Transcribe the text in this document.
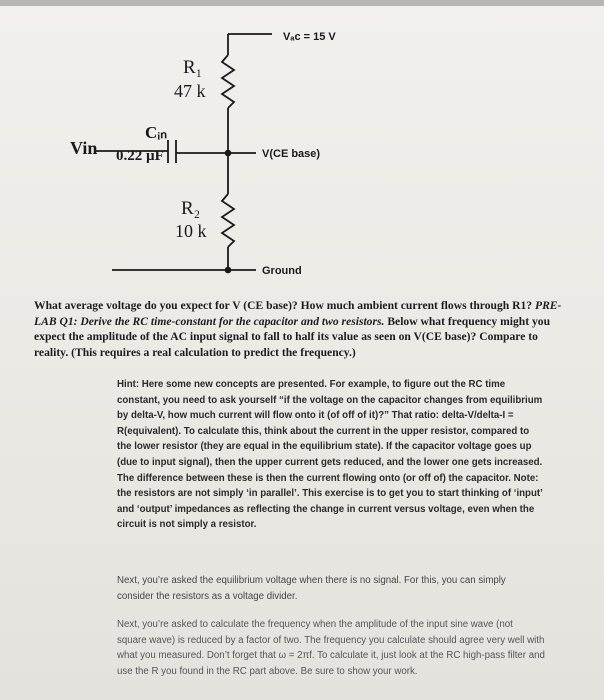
Vₐc = 15 V
R₁
47 k
Cᵢₙ
Vin 0.22 µF	V(CE base)
R₂
10 k
Ground

What average voltage do you expect for V (CE base)? How much ambient current flows through R1? PRE-LAB Q1: Derive the RC time-constant for the capacitor and two resistors. Below what frequency might you expect the amplitude of the AC input signal to fall to half its value as seen on V(CE base)? Compare to reality. (This requires a real calculation to predict the frequency.)

Hint: Here some new concepts are presented. For example, to figure out the RC time constant, you need to ask yourself “if the voltage on the capacitor changes from equilibrium by delta-V, how much current will flow onto it (of off of it)?” That ratio: delta-V/delta-I = R(equivalent). To calculate this, think about the current in the upper resistor, compared to the lower resistor (they are equal in the equilibrium state). If the capacitor voltage goes up (due to input signal), then the upper current gets reduced, and the lower one gets increased. The difference between these is then the current flowing onto (or off of) the capacitor. Note: the resistors are not simply ‘in parallel’. This exercise is to get you to start thinking of ‘input’ and ‘output’ impedances as reflecting the change in current versus voltage, even when the circuit is not simply a resistor.

Next, you’re asked the equilibrium voltage when there is no signal. For this, you can simply consider the resistors as a voltage divider.

Next, you’re asked to calculate the frequency when the amplitude of the input sine wave (not square wave) is reduced by a factor of two. The frequency you calculate should agree very well with what you measured. Don’t forget that ω = 2πf. To calculate it, just look at the RC high-pass filter and use the R you found in the RC part above. Be sure to show your work.
